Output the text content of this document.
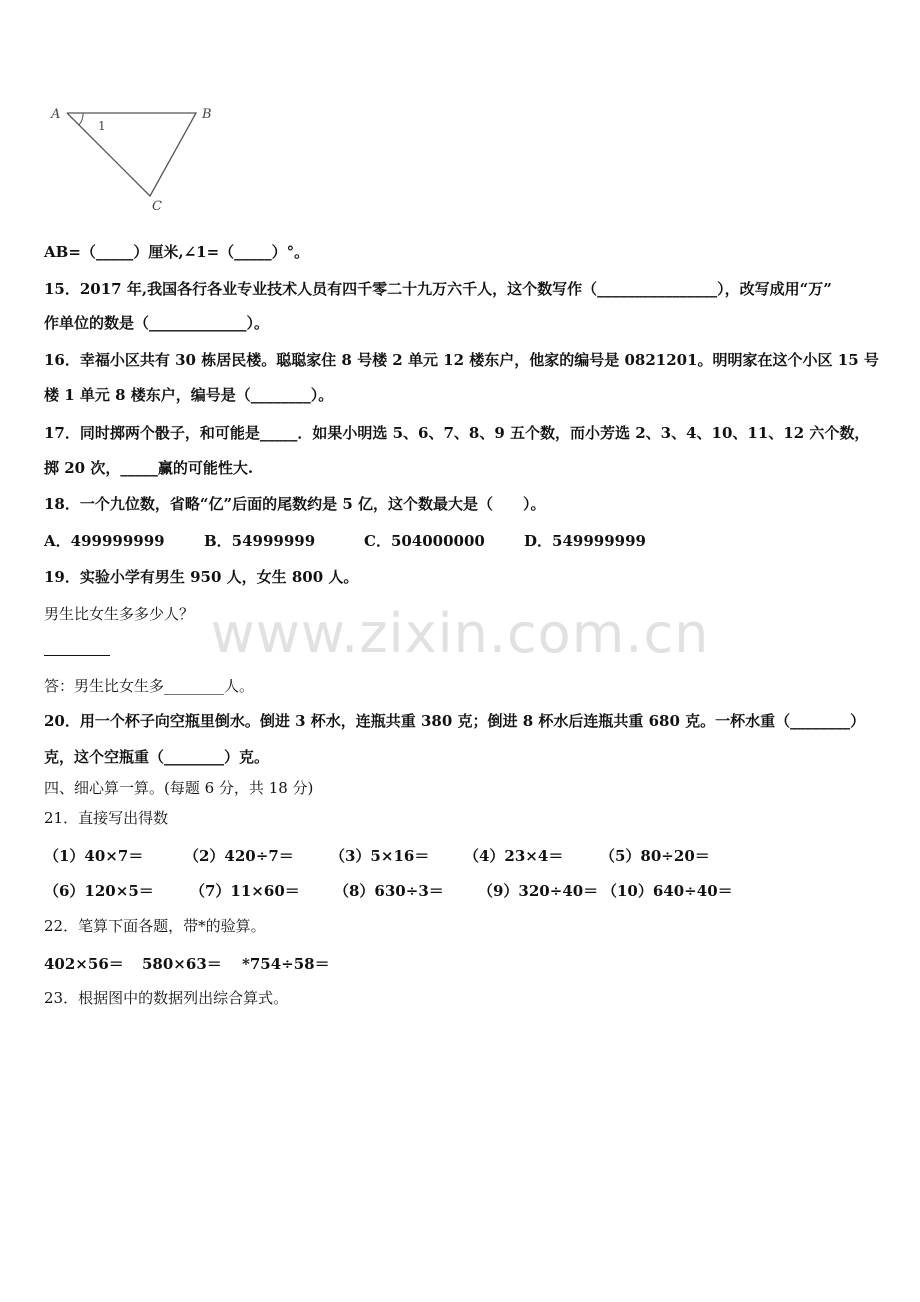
A	B
C
1
AB=（_____）厘米,∠1=（_____）°。
15．2017 年,我国各行各业专业技术人员有四千零二十九万六千人，这个数写作（________________），改写成用“万”
作单位的数是（_____________）。
16．幸福小区共有 30 栋居民楼。聪聪家住 8 号楼 2 单元 12 楼东户，他家的编号是 0821201。明明家在这个小区 15 号
楼 1 单元 8 楼东户，编号是（________）。
17．同时掷两个骰子，和可能是_____．如果小明选 5、6、7、8、9 五个数，而小芳选 2、3、4、10、11、12 六个数，
掷 20 次，_____赢的可能性大.
18．一个九位数，省略“亿”后面的尾数约是 5 亿，这个数最大是（　　）。
A．499999999	B．54999999	C．504000000	D．549999999
19．实验小学有男生 950 人，女生 800 人。
男生比女生多多少人？
答：男生比女生多________人。
20．用一个杯子向空瓶里倒水。倒进 3 杯水，连瓶共重 380 克；倒进 8 杯水后连瓶共重 680 克。一杯水重（________）
克，这个空瓶重（________）克。
四、细心算一算。(每题 6 分，共 18 分)
21．直接写出得数
（1）40×7＝	（2）420÷7＝ （3）5×16＝ （4）23×4＝ （5）80÷20＝
（6）120×5＝ （7）11×60＝ （8）630÷3＝ （9）320÷40＝ （10）640÷40＝
22．笔算下面各题，带*的验算。
402×56＝ 580×63＝ *754÷58＝
23．根据图中的数据列出综合算式。
www.zixin.com.cn
